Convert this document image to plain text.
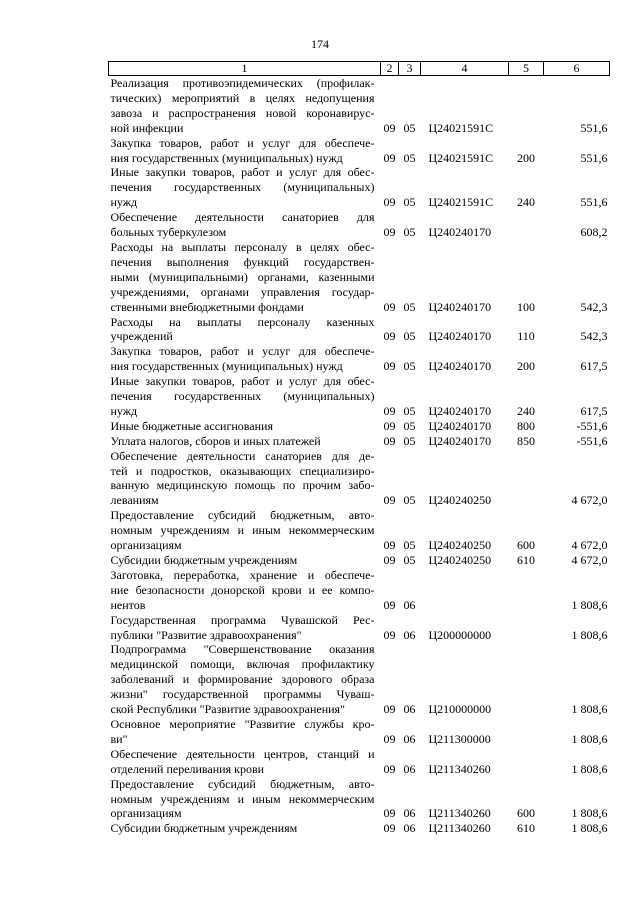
174
1	2	3	4	5	6

Реализация противоэпидемических (профилак-
тических) мероприятий в целях недопущения
завоза и распространения новой коронавирус-
ной инфекции	09	05	Ц24021591С		551,6

Закупка товаров, работ и услуг для обеспече-
ния государственных (муниципальных) нужд	09	05	Ц24021591С	200	551,6

Иные закупки товаров, работ и услуг для обес-
печения государственных (муниципальных)
нужд	09	05	Ц24021591С	240	551,6

Обеспечение деятельности санаториев для
больных туберкулезом	09	05	Ц240240170		608,2

Расходы на выплаты персоналу в целях обес-
печения выполнения функций государствен-
ными (муниципальными) органами, казенными
учреждениями, органами управления государ-
ственными внебюджетными фондами	09	05	Ц240240170	100	542,3

Расходы на выплаты персоналу казенных
учреждений	09	05	Ц240240170	110	542,3

Закупка товаров, работ и услуг для обеспече-
ния государственных (муниципальных) нужд	09	05	Ц240240170	200	617,5

Иные закупки товаров, работ и услуг для обес-
печения государственных (муниципальных)
нужд	09	05	Ц240240170	240	617,5

Иные бюджетные ассигнования	09	05	Ц240240170	800	-551,6

Уплата налогов, сборов и иных платежей	09	05	Ц240240170	850	-551,6

Обеспечение деятельности санаториев для де-
тей и подростков, оказывающих специализиро-
ванную медицинскую помощь по прочим забо-
леваниям	09	05	Ц240240250		4 672,0

Предоставление субсидий бюджетным, авто-
номным учреждениям и иным некоммерческим
организациям	09	05	Ц240240250	600	4 672,0

Субсидии бюджетным учреждениям	09	05	Ц240240250	610	4 672,0

Заготовка, переработка, хранение и обеспече-
ние безопасности донорской крови и ее компо-
нентов	09	06			1 808,6

Государственная программа Чувашской Рес-
публики "Развитие здравоохранения"	09	06	Ц200000000		1 808,6

Подпрограмма "Совершенствование оказания
медицинской помощи, включая профилактику
заболеваний и формирование здорового образа
жизни" государственной программы Чуваш-
ской Республики "Развитие здравоохранения"	09	06	Ц210000000		1 808,6

Основное мероприятие "Развитие службы кро-
ви"	09	06	Ц211300000		1 808,6

Обеспечение деятельности центров, станций и
отделений переливания крови	09	06	Ц211340260		1 808,6

Предоставление субсидий бюджетным, авто-
номным учреждениям и иным некоммерческим
организациям	09	06	Ц211340260	600	1 808,6

Субсидии бюджетным учреждениям	09	06	Ц211340260	610	1 808,6
